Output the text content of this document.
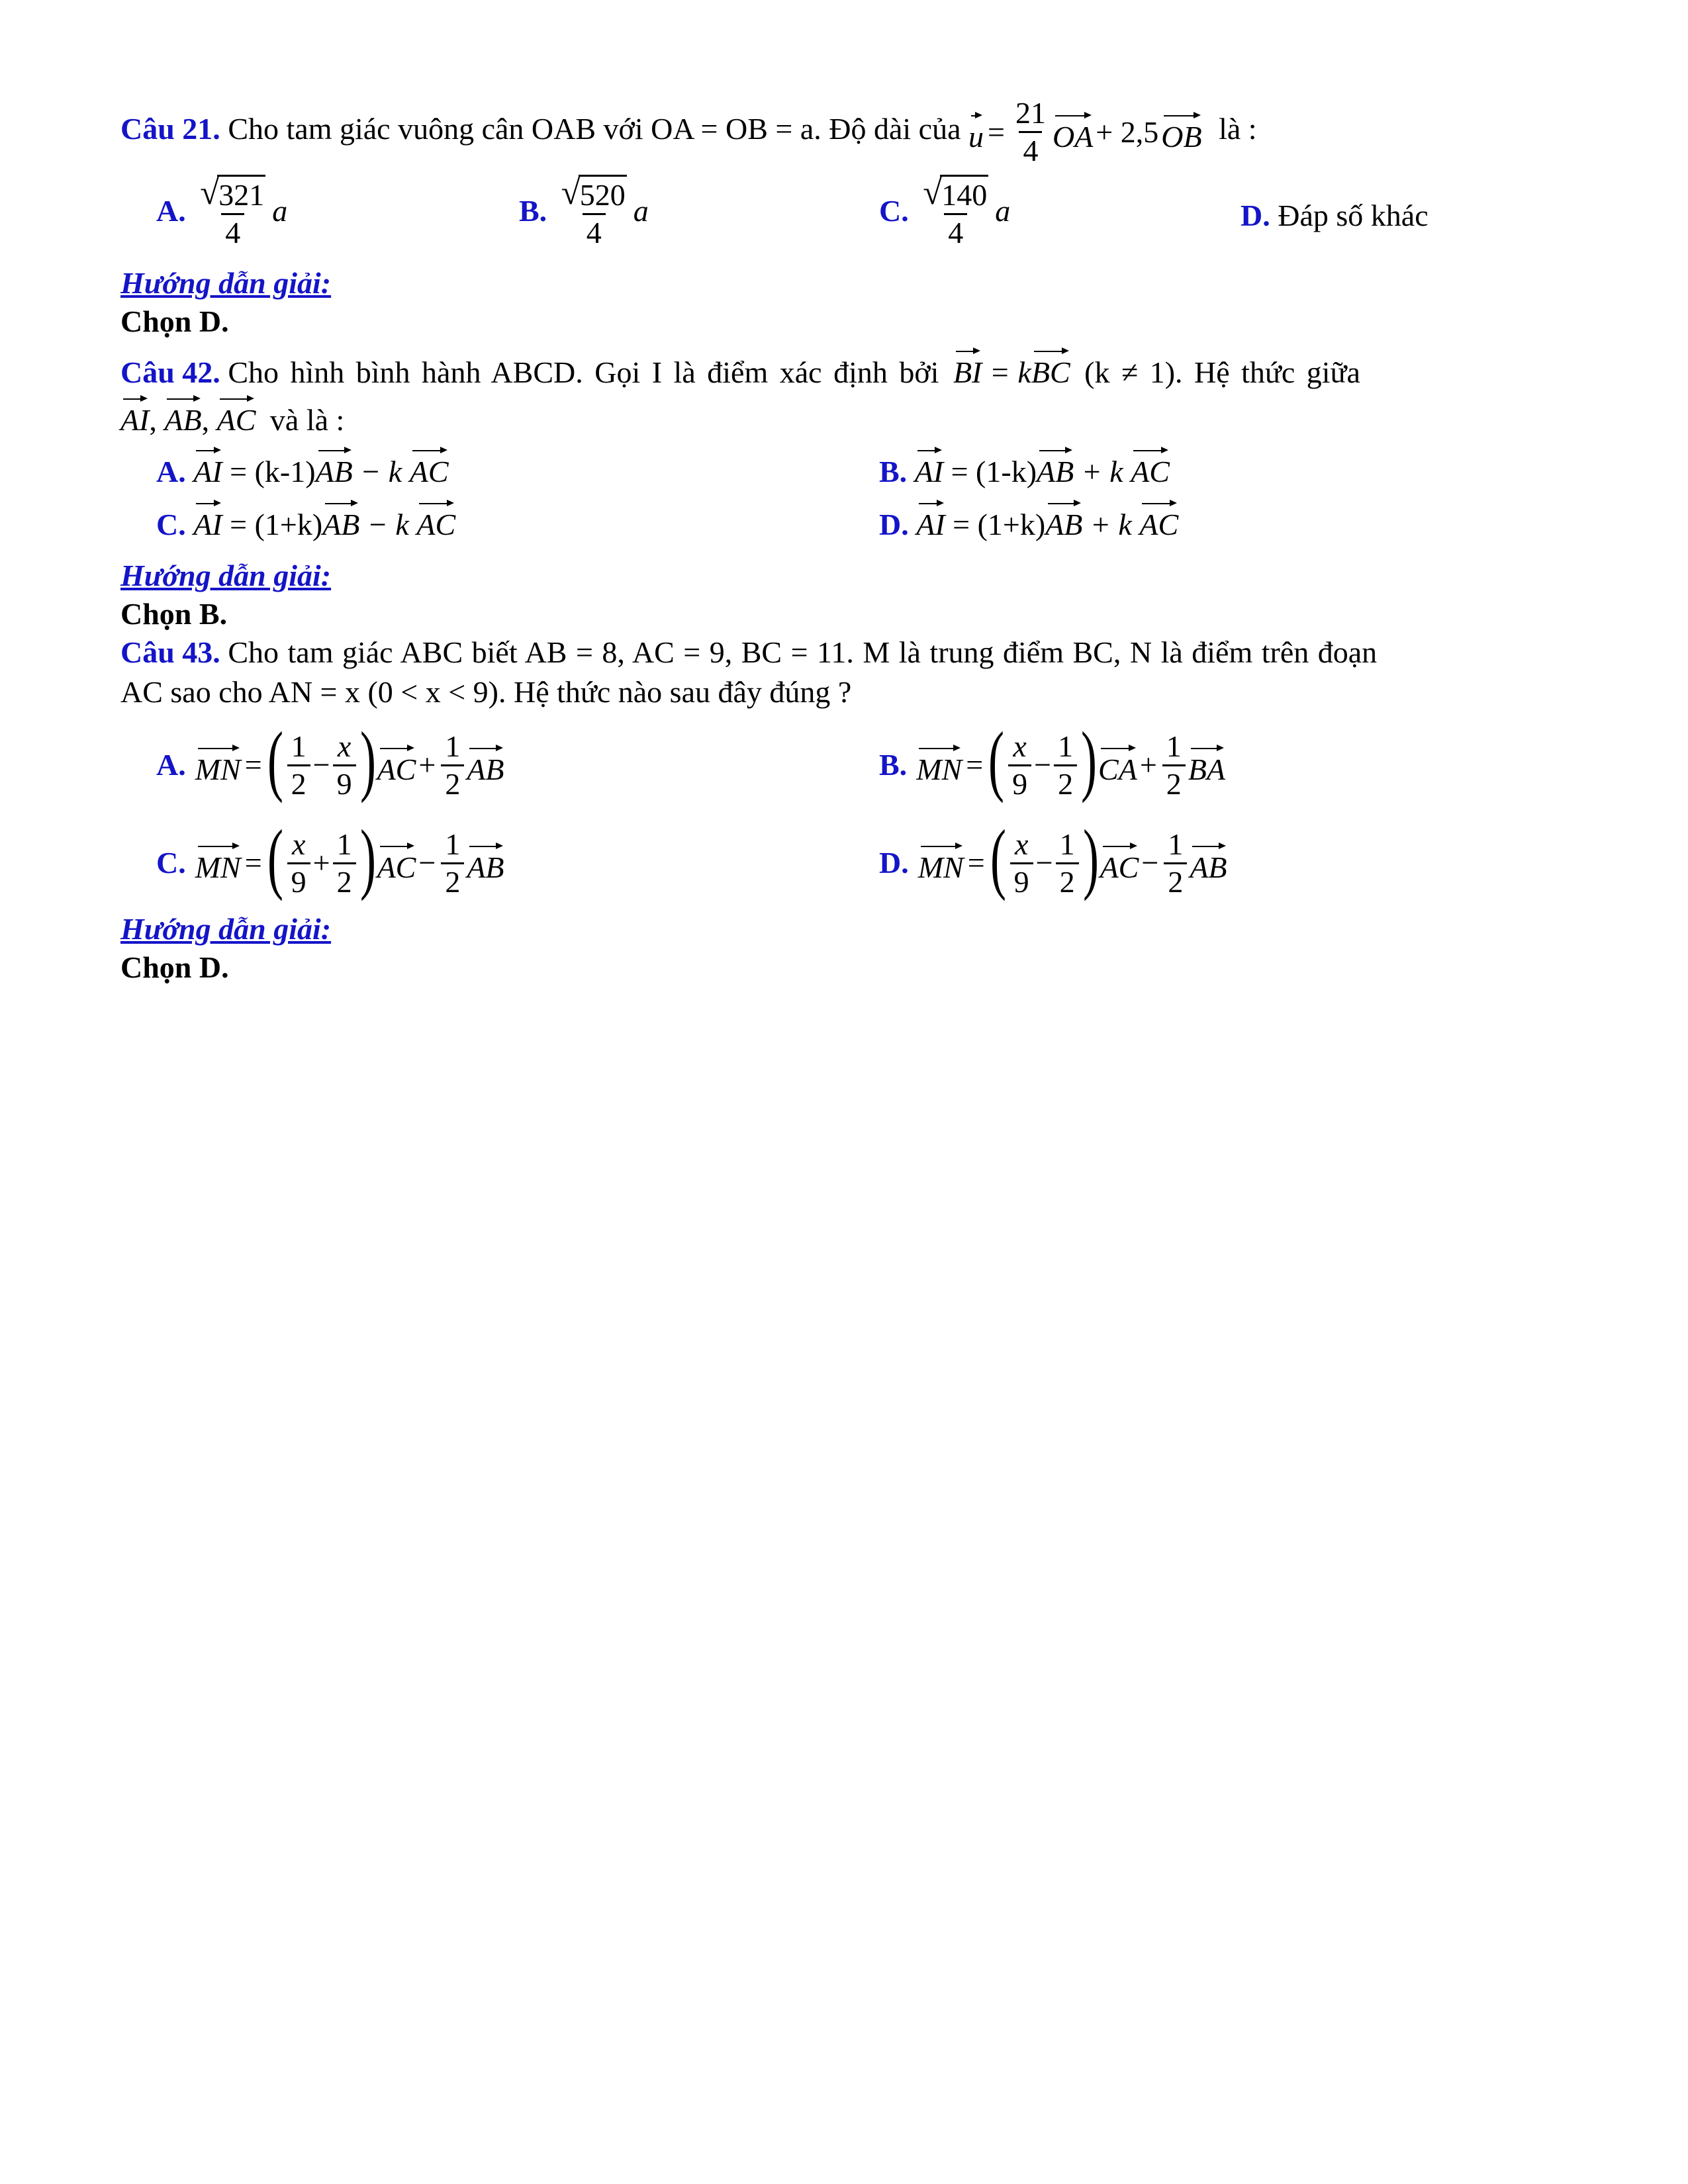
Câu 21. Cho tam giác vuông cân OAB với OA = OB = a. Độ dài của $u = \frac{21}{4}$ OA + 2,5 OB là :
A. $\frac{√ 321}{4}$ a	B. $\frac{√ 520}{4}$ a	C. $\frac{√ 140}{4}$ a	D. Đáp số khác
Hướng dẫn giải:
Chọn D.
Câu 42. Cho hình bình hành ABCD. Gọi I là điểm xác định bởi BI = kBC (k ≠ 1). Hệ thức giữa
AI, AB, AC và là :
A. AI = (k-1)AB − k AC	B. AI = (1-k)AB + k AC
C. AI = (1+k)AB − k AC	D. AI = (1+k)AB + k AC
Hướng dẫn giải:
Chọn B.
Câu 43. Cho tam giác ABC biết AB = 8, AC = 9, BC = 11. M là trung điểm BC, N là điểm trên đoạn
AC sao cho AN = x (0 < x < 9). Hệ thức nào sau đây đúng ?
A. MN = ( $\frac{1}{2} - \frac{x}{9}$ ) AC + $\frac{1}{2}$ AB	B. MN = ( $\frac{x}{9} - \frac{1}{2}$ ) CA + $\frac{1}{2}$ BA
C. MN = ( $\frac{x}{9} + \frac{1}{2}$ ) AC − $\frac{1}{2}$ AB	D. MN = ( $\frac{x}{9} - \frac{1}{2}$ ) AC − $\frac{1}{2}$ AB
Hướng dẫn giải:
Chọn D.
